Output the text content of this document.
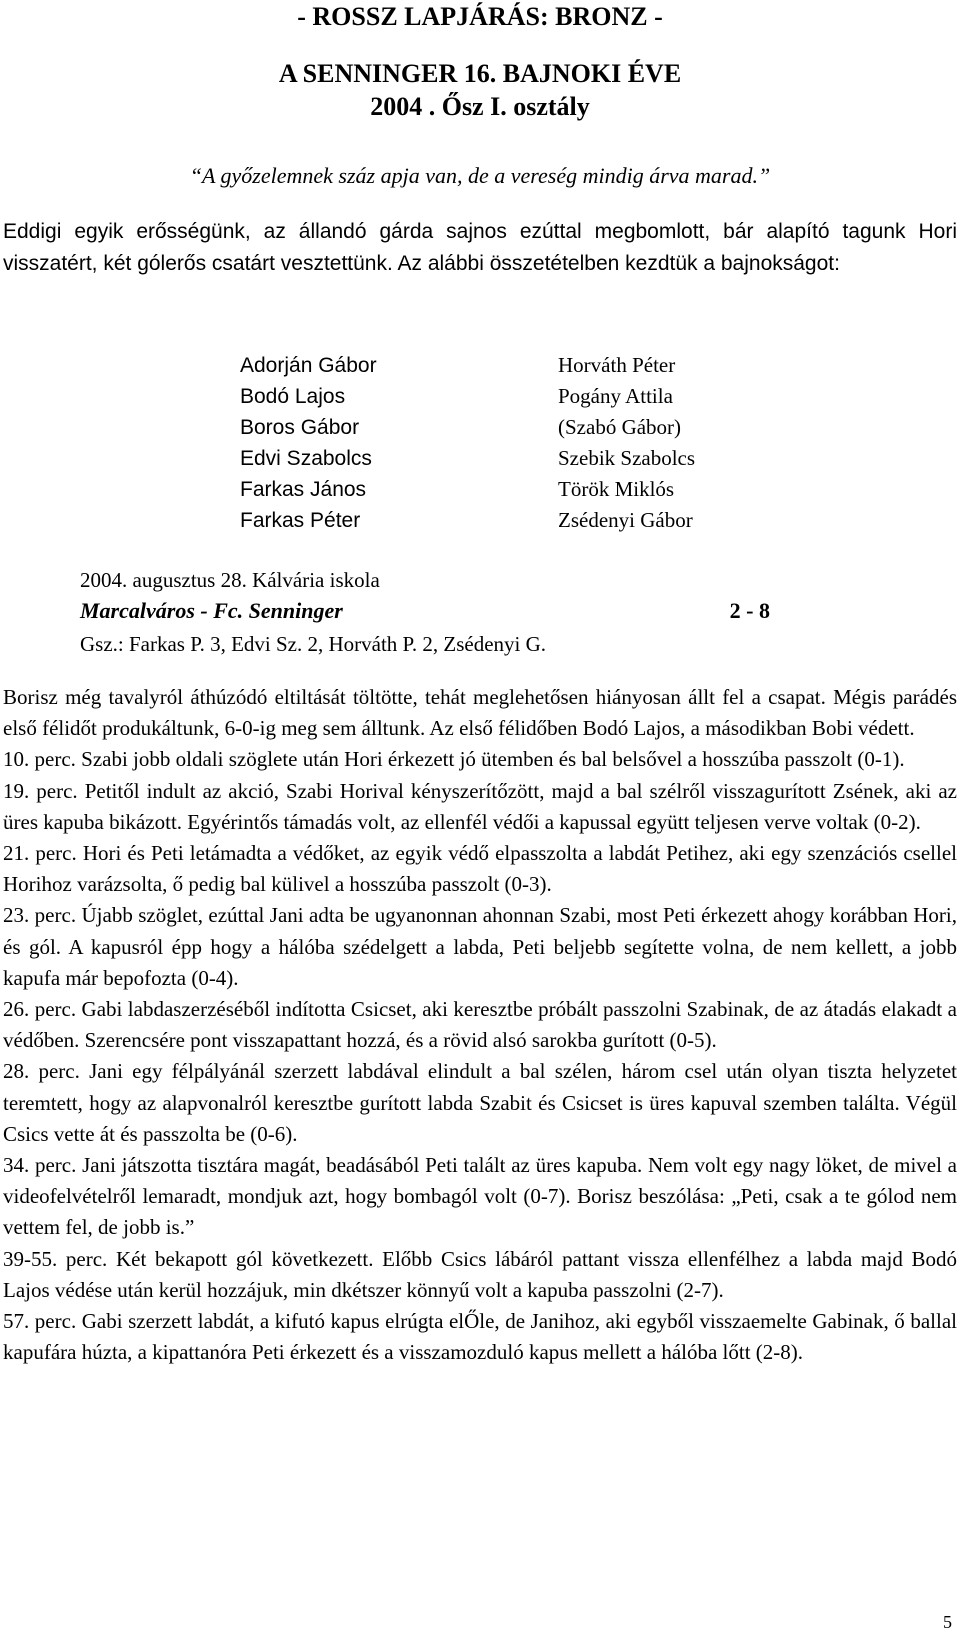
- ROSSZ LAPJÁRÁS: BRONZ -
A SENNINGER 16. BAJNOKI ÉVE
2004 . Ősz I. osztály
“A győzelemnek száz apja van, de a vereség mindig árva marad.”
Eddigi egyik erősségünk, az állandó gárda sajnos ezúttal megbomlott, bár alapító tagunk Hori visszatért, két gólerős csatárt vesztettünk. Az alábbi összetételben kezdtük a bajnokságot:
Adorján Gábor
Bodó Lajos
Boros Gábor
Edvi Szabolcs
Farkas János
Farkas Péter
Horváth Péter
Pogány Attila
(Szabó Gábor)
Szebik Szabolcs
Török Miklós
Zsédenyi Gábor
2004. augusztus 28. Kálvária iskola
Marcalváros - Fc. Senninger	2 - 8
Gsz.: Farkas P. 3, Edvi Sz. 2, Horváth P. 2, Zsédenyi G.

Borisz még tavalyról áthúzódó eltiltását töltötte, tehát meglehetősen hiányosan állt fel a csapat. Mégis parádés első félidőt produkáltunk, 6-0-ig meg sem álltunk. Az első félidőben Bodó Lajos, a másodikban Bobi védett.

10. perc. Szabi jobb oldali szöglete után Hori érkezett jó ütemben és bal belsővel a hosszúba passzolt (0-1).

19. perc. Petitől indult az akció, Szabi Horival kényszerítőzött, majd a bal szélről visszagurított Zsének, aki az üres kapuba bikázott. Egyérintős támadás volt, az ellenfél védői a kapussal együtt teljesen verve voltak (0-2).

21. perc. Hori és Peti letámadta a védőket, az egyik védő elpasszolta a labdát Petihez, aki egy szenzációs csellel Horihoz varázsolta, ő pedig bal külivel a hosszúba passzolt (0-3).

23. perc. Újabb szöglet, ezúttal Jani adta be ugyanonnan ahonnan Szabi, most Peti érkezett ahogy korábban Hori, és gól. A kapusról épp hogy a hálóba szédelgett a labda, Peti beljebb segítette volna, de nem kellett, a jobb kapufa már bepofozta (0-4).

26. perc. Gabi labdaszerzéséből indította Csicset, aki keresztbe próbált passzolni Szabinak, de az átadás elakadt a védőben. Szerencsére pont visszapattant hozzá, és a rövid alsó sarokba gurított (0-5).

28. perc. Jani egy félpályánál szerzett labdával elindult a bal szélen, három csel után olyan tiszta helyzetet teremtett, hogy az alapvonalról keresztbe gurított labda Szabit és Csicset is üres kapuval szemben találta. Végül Csics vette át és passzolta be (0-6).

34. perc. Jani játszotta tisztára magát, beadásából Peti talált az üres kapuba. Nem volt egy nagy löket, de mivel a videofelvételről lemaradt, mondjuk azt, hogy bombagól volt (0-7). Borisz beszólása: „Peti, csak a te gólod nem vettem fel, de jobb is.”

39-55. perc. Két bekapott gól következett. Előbb Csics lábáról pattant vissza ellenfélhez a labda majd Bodó Lajos védése után kerül hozzájuk, min dkétszer könnyű volt a kapuba passzolni (2-7).

57. perc. Gabi szerzett labdát, a kifutó kapus elrúgta elŐle, de Janihoz, aki egyből visszaemelte Gabinak, ő ballal kapufára húzta, a kipattanóra Peti érkezett és a visszamozduló kapus mellett a hálóba lőtt (2-8).

5
